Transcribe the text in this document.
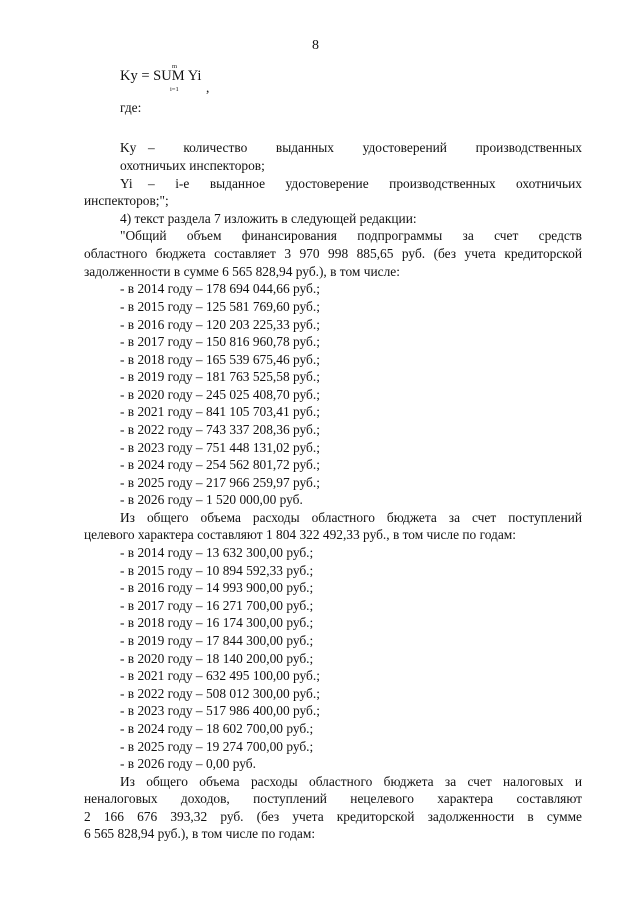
8
Ky = SUM Yi
m
i=1 ,
где:
Ky – количество выданных удостоверений производственных
охотничьих инспекторов;
Yi – i-е выданное удостоверение производственных охотничьих
инспекторов;";
4) текст раздела 7 изложить в следующей редакции:
"Общий объем финансирования подпрограммы за счет средств
областного бюджета составляет 3 970 998 885,65 руб. (без учета кредиторской
задолженности в сумме 6 565 828,94 руб.), в том числе:
- в 2014 году – 178 694 044,66 руб.;
- в 2015 году – 125 581 769,60 руб.;
- в 2016 году – 120 203 225,33 руб.;
- в 2017 году – 150 816 960,78 руб.;
- в 2018 году – 165 539 675,46 руб.;
- в 2019 году – 181 763 525,58 руб.;
- в 2020 году – 245 025 408,70 руб.;
- в 2021 году – 841 105 703,41 руб.;
- в 2022 году – 743 337 208,36 руб.;
- в 2023 году – 751 448 131,02 руб.;
- в 2024 году – 254 562 801,72 руб.;
- в 2025 году – 217 966 259,97 руб.;
- в 2026 году – 1 520 000,00 руб.
Из общего объема расходы областного бюджета за счет поступлений
целевого характера составляют 1 804 322 492,33 руб., в том числе по годам:
- в 2014 году – 13 632 300,00 руб.;
- в 2015 году – 10 894 592,33 руб.;
- в 2016 году – 14 993 900,00 руб.;
- в 2017 году – 16 271 700,00 руб.;
- в 2018 году – 16 174 300,00 руб.;
- в 2019 году – 17 844 300,00 руб.;
- в 2020 году – 18 140 200,00 руб.;
- в 2021 году – 632 495 100,00 руб.;
- в 2022 году – 508 012 300,00 руб.;
- в 2023 году – 517 986 400,00 руб.;
- в 2024 году – 18 602 700,00 руб.;
- в 2025 году – 19 274 700,00 руб.;
- в 2026 году – 0,00 руб.
Из общего объема расходы областного бюджета за счет налоговых и
неналоговых доходов, поступлений нецелевого характера составляют
2 166 676 393,32 руб. (без учета кредиторской задолженности в сумме
6 565 828,94 руб.), в том числе по годам:
